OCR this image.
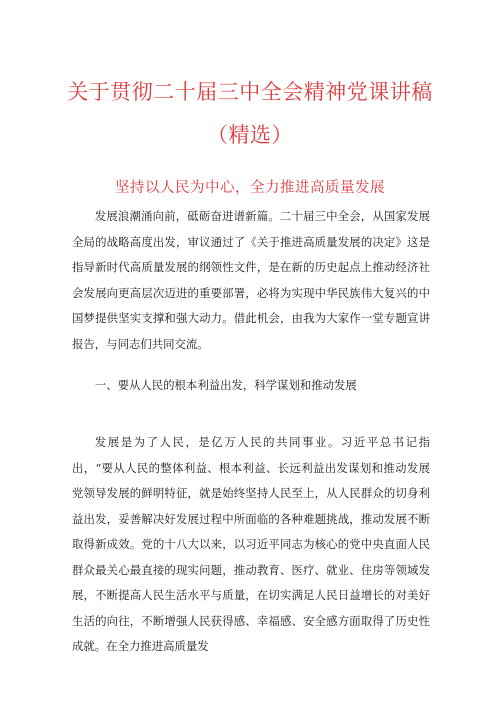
关于贯彻二十届三中全会精神党课讲稿
（精选）
坚持以人民为中心，全力推进高质量发展

发展浪潮涌向前，砥砺奋进谱新篇。二十届三中全会，从国家发展全局的战略高度出发，审议通过了《关于推进高质量发展的决定》这是指导新时代高质量发展的纲领性文件，是在新的历史起点上推动经济社会发展向更高层次迈进的重要部署，必将为实现中华民族伟大复兴的中国梦提供坚实支撑和强大动力。借此机会，由我为大家作一堂专题宣讲报告，与同志们共同交流。

一、要从人民的根本利益出发，科学谋划和推动发展

发展是为了人民，是亿万人民的共同事业。习近平总书记指出，“要从人民的整体利益、根本利益、长远利益出发谋划和推动发展党领导发展的鲜明特征，就是始终坚持人民至上，从人民群众的切身利益出发，妥善解决好发展过程中所面临的各种难题挑战，推动发展不断取得新成效。党的十八大以来，以习近平同志为核心的党中央直面人民群众最关心最直接的现实问题，推动教育、医疗、就业、住房等领域发展，不断提高人民生活水平与质量，在切实满足人民日益增长的对美好生活的向往，不断增强人民获得感、幸福感、安全感方面取得了历史性成就。在全力推进高质量发
